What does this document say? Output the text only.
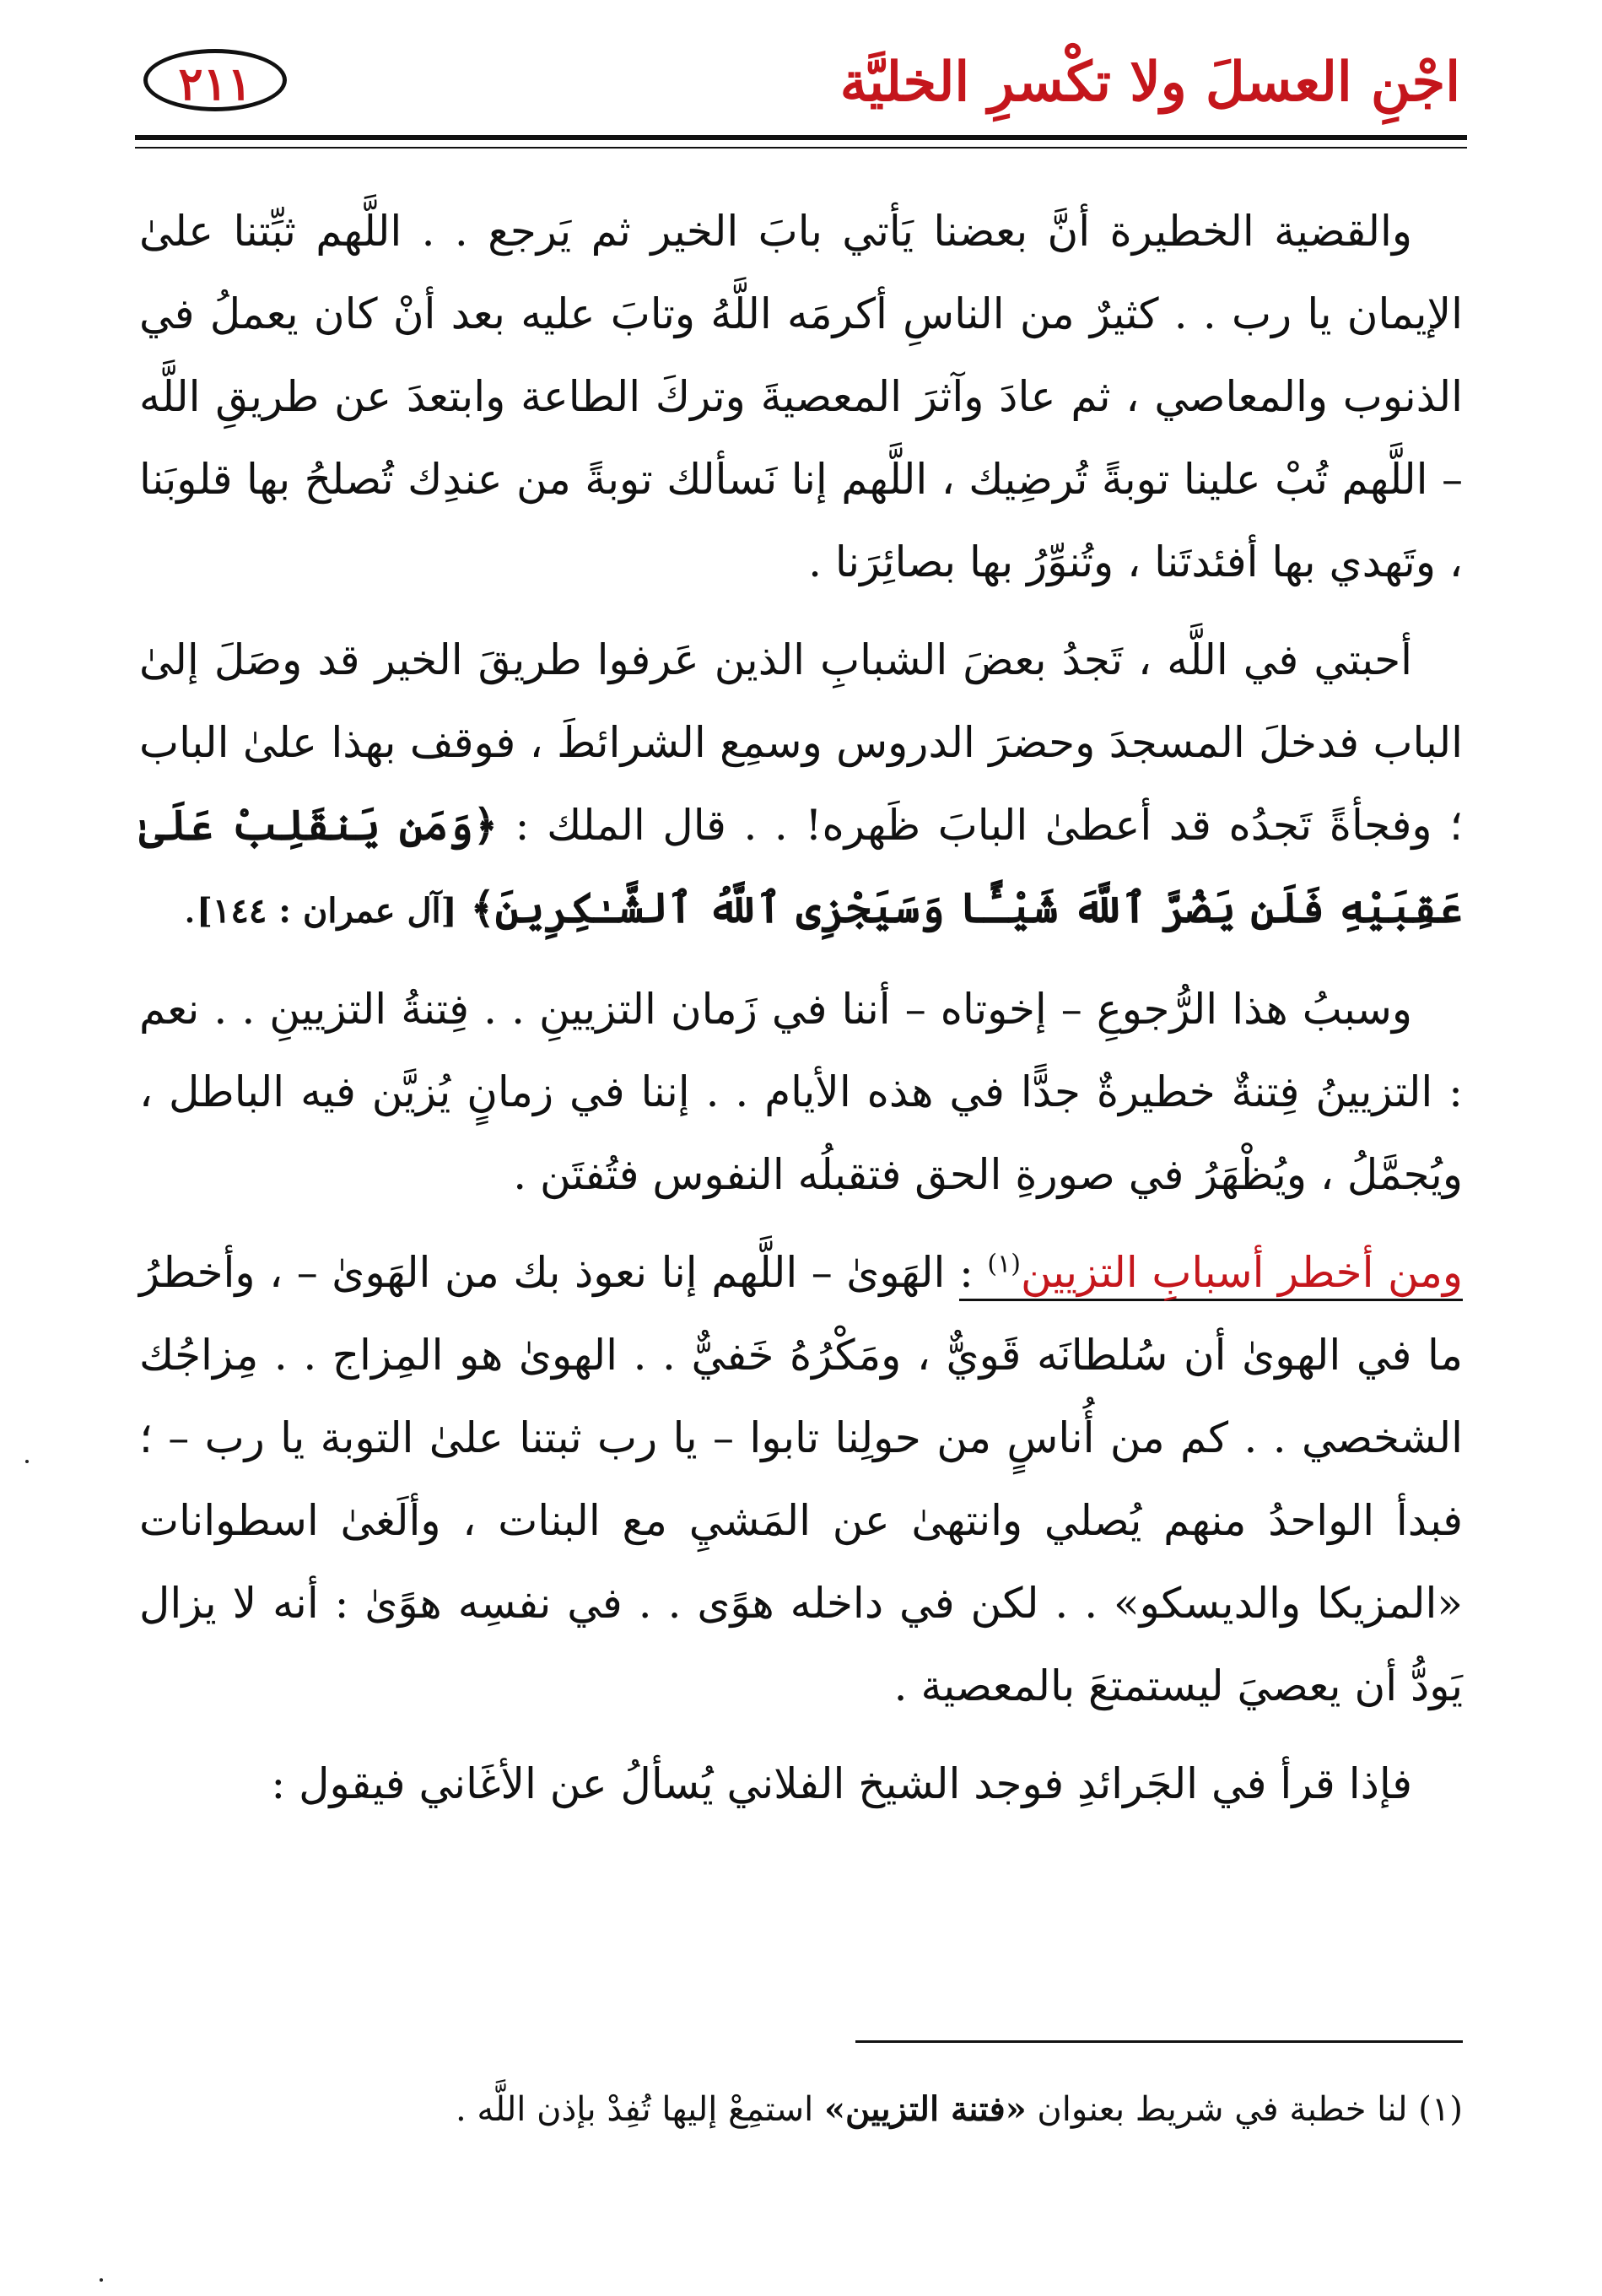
اجْنِ العسلَ ولا تكْسرِ الخليَّة
٢١١

والقضية الخطيرة أنَّ بعضنا يَأتي بابَ الخير ثم يَرجع . . اللَّهم ثبِّتنا علىٰ الإيمان يا رب . . كثيرٌ من الناسِ أكرمَه اللَّهُ وتابَ عليه بعد أنْ كان يعملُ في الذنوب والمعاصي ، ثم عادَ وآثرَ المعصيةَ وتركَ الطاعة وابتعدَ عن طريقِ اللَّه – اللَّهم تُبْ علينا توبةً تُرضِيك ، اللَّهم إنا نَسألك توبةً من عندِك تُصلحُ بها قلوبَنا ، وتَهدي بها أفئدتَنا ، وتُنوِّرُ بها بصائِرَنا .

أحبتي في اللَّه ، تَجدُ بعضَ الشبابِ الذين عَرفوا طريقَ الخير قد وصَلَ إلىٰ الباب فدخلَ المسجدَ وحضرَ الدروس وسمِع الشرائطَ ، فوقف بهذا علىٰ الباب ؛ وفجأةً تَجدُه قد أعطىٰ البابَ ظَهره! . . قال الملك : ﴿وَمَن يَنقَلِبْ عَلَىٰ عَقِبَيْهِ فَلَن يَضُرَّ ٱللَّهَ شَيْـًٔا وَسَيَجْزِى ٱللَّهُ ٱلشَّـٰكِرِينَ﴾ [آل عمران : ١٤٤].

وسببُ هذا الرُّجوعِ – إخوتاه – أننا في زَمان التزيينِ . . فِتنةُ التزيينِ . . نعم : التزيينُ فِتنةٌ خطيرةٌ جدًّا في هذه الأيام . . إننا في زمانٍ يُزيَّن فيه الباطل ، ويُجمَّلُ ، ويُظْهَرُ في صورةِ الحق فتقبلُه النفوس فتُفتَن .

ومن أخطر أسبابِ التزيين$^{(١)}$ : الهَوىٰ – اللَّهم إنا نعوذ بك من الهَوىٰ – ، وأخطرُ ما في الهوىٰ أن سُلطانَه قَويٌّ ، ومَكْرُهُ خَفيٌّ . . الهوىٰ هو المِزاج . . مِزاجُك الشخصي . . كم من أُناسٍ من حولِنا تابوا – يا رب ثبتنا علىٰ التوبة يا رب – ؛ فبدأ الواحدُ منهم يُصلي وانتهىٰ عن المَشيِ مع البنات ، وألَغىٰ اسطوانات «المزيكا والديسكو» . . لكن في داخله هوًى . . في نفسِه هوًىٰ : أنه لا يزال يَودُّ أن يعصيَ ليستمتعَ بالمعصية .

فإذا قرأ في الجَرائدِ فوجد الشيخ الفلاني يُسألُ عن الأغَاني فيقول :

(١) لنا خطبة في شريط بعنوان «فتنة التزيين» استمِعْ إليها تُفِدْ بإذن اللَّه .
